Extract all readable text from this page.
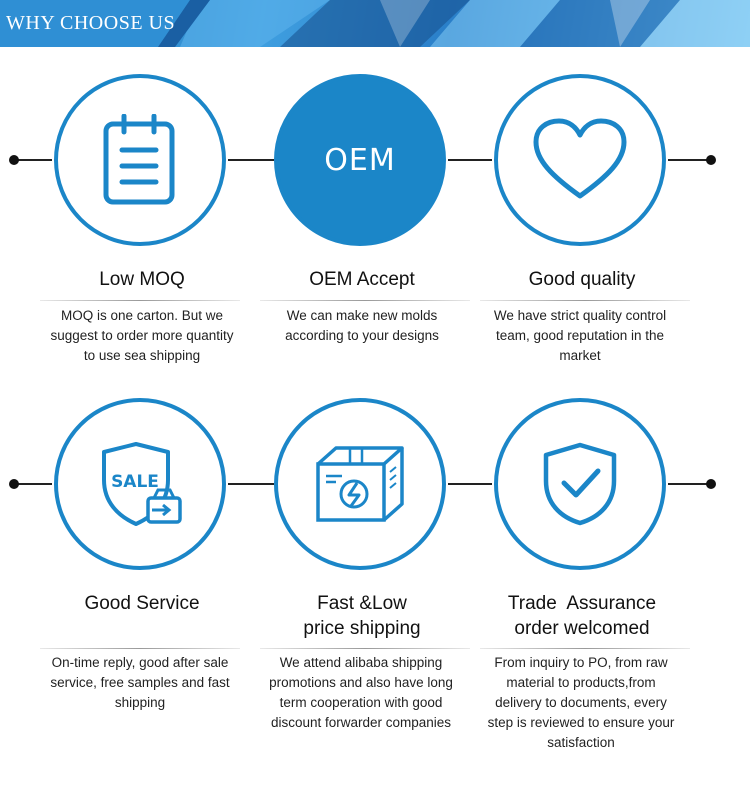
WHY CHOOSE US
Low MOQ
MOQ is one carton. But we suggest to order more quantity to use sea shipping
OEM
OEM Accept
We can make new molds according to your designs
Good quality
We have strict quality control team, good reputation in the market
SALE
Good Service
On-time reply, good after sale service, free samples and fast shipping
Fast &Low
price shipping
We attend alibaba shipping promotions and also have long term cooperation with good discount forwarder companies
Trade  Assurance
order welcomed
From inquiry to PO, from raw material to products,from delivery to documents, every step is reviewed to ensure your satisfaction
